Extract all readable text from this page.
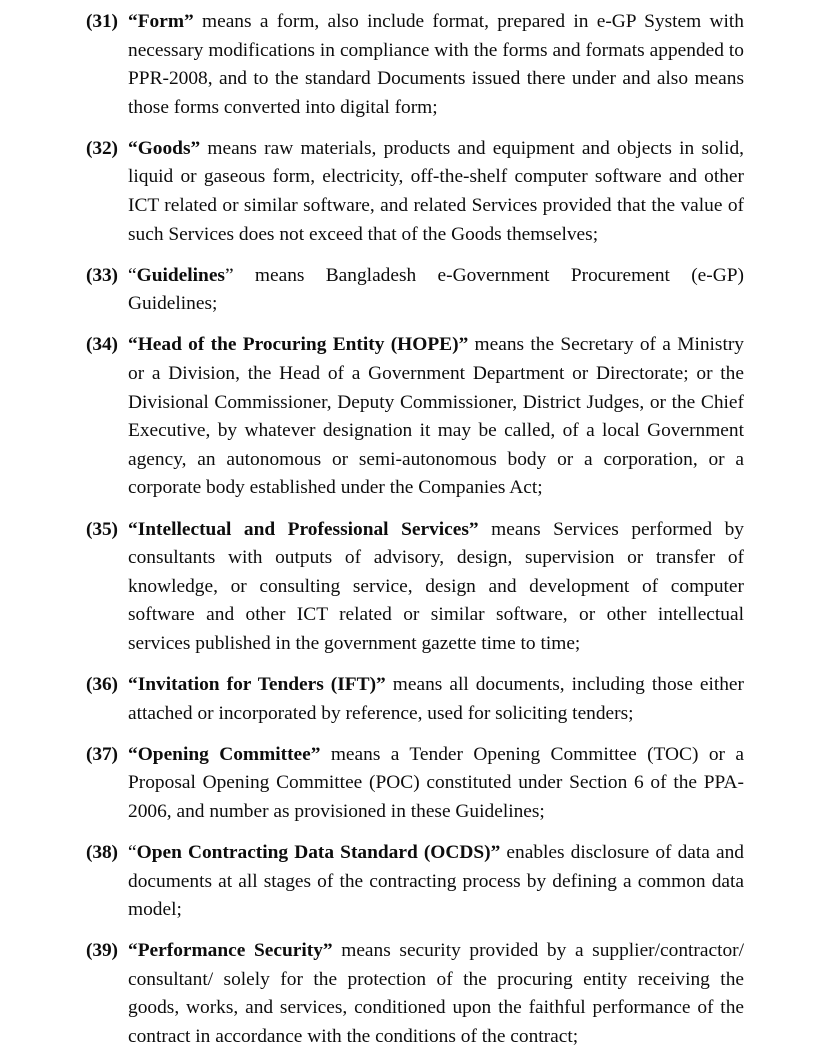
(31) “Form” means a form, also include format, prepared in e-GP System with necessary modifications in compliance with the forms and formats appended to PPR-2008, and to the standard Documents issued there under and also means those forms converted into digital form;
(32) “Goods” means raw materials, products and equipment and objects in solid, liquid or gaseous form, electricity, off-the-shelf computer software and other ICT related or similar software, and related Services provided that the value of such Services does not exceed that of the Goods themselves;
(33) “Guidelines” means Bangladesh e-Government Procurement (e-GP) Guidelines;
(34) “Head of the Procuring Entity (HOPE)” means the Secretary of a Ministry or a Division, the Head of a Government Department or Directorate; or the Divisional Commissioner, Deputy Commissioner, District Judges, or the Chief Executive, by whatever designation it may be called, of a local Government agency, an autonomous or semi-autonomous body or a corporation, or a corporate body established under the Companies Act;
(35) “Intellectual and Professional Services” means Services performed by consultants with outputs of advisory, design, supervision or transfer of knowledge, or consulting service, design and development of computer software and other ICT related or similar software, or other intellectual services published in the government gazette time to time;
(36) “Invitation for Tenders (IFT)” means all documents, including those either attached or incorporated by reference, used for soliciting tenders;
(37) “Opening Committee” means a Tender Opening Committee (TOC) or a Proposal Opening Committee (POC) constituted under Section 6 of the PPA-2006, and number as provisioned in these Guidelines;
(38) “Open Contracting Data Standard (OCDS)” enables disclosure of data and documents at all stages of the contracting process by defining a common data model;
(39) “Performance Security” means security provided by a supplier/contractor/ consultant/ solely for the protection of the procuring entity receiving the goods, works, and services, conditioned upon the faithful performance of the contract in accordance with the conditions of the contract;
